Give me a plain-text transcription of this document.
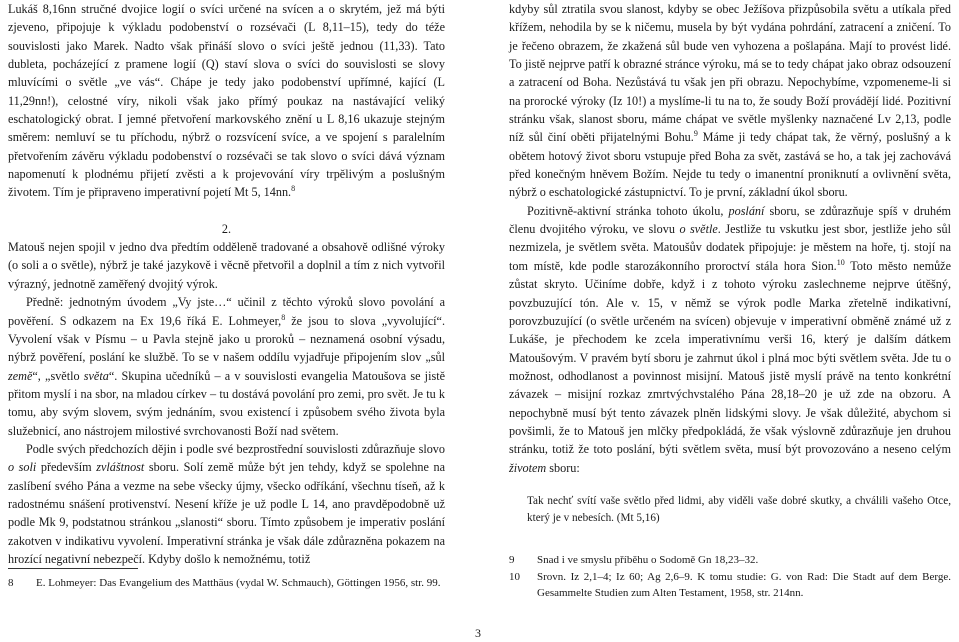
Lukáš 8,16nn stručné dvojice logií o svíci určené na svícen a o skrytém, jež má býti zjeveno, připojuje k výkladu podobenství o rozsévači (L 8,11–15), tedy do téže souvislosti jako Marek. Nadto však přináší slovo o svíci ještě jednou (11,33). Tato dubleta, pocházející z pramene logií (Q) staví slova o svíci do souvislosti se slovy mluvícími o světle „ve vás“. Chápe je tedy jako podobenství upřímné, kající (L 11,29nn!), celostné víry, nikoli však jako přímý poukaz na nastávající veliký eschatologický obrat. I jemné přetvoření markovského znění u L 8,16 ukazuje stejným směrem: nemluví se tu příchodu, nýbrž o rozsvícení svíce, a ve spojení s paralelním přetvořením závěru výkladu podobenství o rozsévači se tak slovo o svíci dává význam napomenutí k plodnému přijetí zvěsti a k projevování víry trpělivým a poslušným životem. Tím je připraveno imperativní pojetí Mt 5, 14nn.$^8$

2.

Matouš nejen spojil v jedno dva předtím odděleně tradované a obsahově odlišné výroky (o soli a o světle), nýbrž je také jazykově i věcně přetvořil a doplnil a tím z nich vytvořil výrazný, jednotně zaměřený dvojitý výrok.

Předně: jednotným úvodem „Vy jste…“ učinil z těchto výroků slovo povolání a pověření. S odkazem na Ex 19,6 říká E. Lohmeyer,$^8$ že jsou to slova „vyvolující“. Vyvolení však v Písmu – u Pavla stejně jako u proroků – neznamená osobní výsadu, nýbrž pověření, poslání ke službě. To se v našem oddílu vyjadřuje připojením slov „sůl země“, „světlo světa“. Skupina učedníků – a v souvislosti evangelia Matoušova se jistě přitom myslí i na sbor, na mladou církev – tu dostává povolání pro zemi, pro svět. Je tu k tomu, aby svým slovem, svým jednáním, svou existencí i způsobem svého života byla služebnicí, ano nástrojem milostivé svrchovanosti Boží nad světem.

Podle svých předchozích dějin i podle své bezprostřední souvislosti zdůrazňuje slovo o soli především zvláštnost sboru. Solí země může být jen tehdy, když se spolehne na zaslíbení svého Pána a vezme na sebe všecky újmy, všecko odříkání, všechnu tíseň, až k radostnému snášení protivenství. Nesení kříže je už podle L 14, ano pravděpodobně už podle Mk 9, podstatnou stránkou „slanosti“ sboru. Tímto způsobem je imperativ poslání zakotven v indikativu vyvolení. Imperativní stránka je však dále zdůrazněna pokazem na hrozící negativní nebezpečí. Kdyby došlo k nemožnému, totiž

8	E. Lohmeyer: Das Evangelium des Matthäus (vydal W. Schmauch), Göttingen 1956, str. 99.

kdyby sůl ztratila svou slanost, kdyby se obec Ježíšova přizpůsobila světu a utíkala před křížem, nehodila by se k ničemu, musela by být vydána pohrdání, zatracení a zničení. To je řečeno obrazem, že zkažená sůl bude ven vyhozena a pošlapána. Mají to provést lidé. To jistě nejprve patří k obrazné stránce výroku, má se to tedy chápat jako obraz odsouzení a zatracení od Boha. Nezůstává tu však jen při obrazu. Nepochybíme, vzpomeneme-li si na prorocké výroky (Iz 10!) a myslíme-li tu na to, že soudy Boží provádějí lidé. Pozitivní stránku však, slanost sboru, máme chápat ve světle myšlenky naznačené Lv 2,13, podle níž sůl činí oběti přijatelnými Bohu.$^9$ Máme ji tedy chápat tak, že věrný, poslušný a k obětem hotový život sboru vstupuje před Boha za svět, zastává se ho, a tak jej zachovává před konečným hněvem Božím. Nejde tu tedy o imanentní proniknutí a ovlivnění světa, nýbrž o eschatologické zástupnictví. To je první, základní úkol sboru.

Pozitivně-aktivní stránka tohoto úkolu, poslání sboru, se zdůrazňuje spíš v druhém členu dvojitého výroku, ve slovu o světle. Jestliže tu vskutku jest sbor, jestliže jeho sůl nezmizela, je světlem světa. Matoušův dodatek připojuje: je městem na hoře, tj. stojí na tom místě, kde podle starozákonního proroctví stála hora Sion.$^{10}$ Toto město nemůže zůstat skryto. Učiníme dobře, když i z tohoto výroku zaslechneme nejprve útěšný, povzbuzující tón. Ale v. 15, v němž se výrok podle Marka zřetelně indikativní, porovzbuzující (o světle určeném na svícen) objevuje v imperativní obměně známé už z Lukáše, je přechodem ke zcela imperativnímu verši 16, který je dalším dátkem Matoušovým. V pravém bytí sboru je zahrnut úkol i plná moc býti světlem světa. Jde tu o možnost, odhodlanost a povinnost misijní. Matouš jistě myslí právě na tento konkrétní závazek – misijní rozkaz zmrtvýchvstalého Pána 28,18–20 je už zde na obzoru. A nepochybně musí být tento závazek plněn lidskými slovy. Je však důležité, abychom si povšimli, že to Matouš jen mlčky předpokládá, že však výslovně zdůrazňuje jen druhou stránku, totiž že toto poslání, býti světlem světa, musí být provozováno a neseno celým životem sboru:

Tak nechť svítí vaše světlo před lidmi, aby viděli vaše dobré skutky, a chválili vašeho Otce, který je v nebesích. (Mt 5,16)

9	Snad i ve smyslu příběhu o Sodomě Gn 18,23–32.
10	Srovn. Iz 2,1–4; Iz 60; Ag 2,6–9. K tomu studie: G. von Rad: Die Stadt auf dem Berge. Gesammelte Studien zum Alten Testament, 1958, str. 214nn.
3
